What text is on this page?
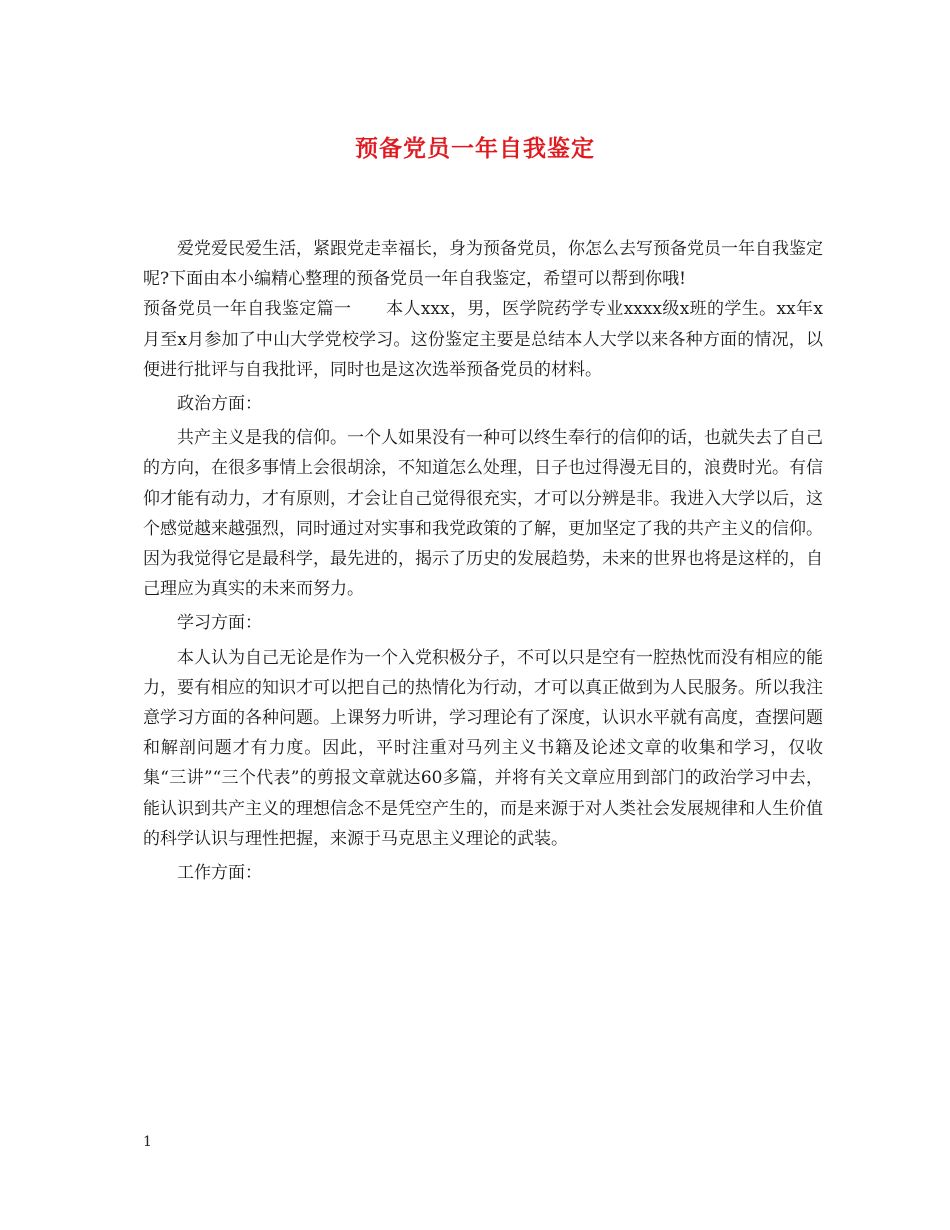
预备党员一年自我鉴定

爱党爱民爱生活，紧跟党走幸福长，身为预备党员，你怎么去写预备党员一年自我鉴定呢?下面由本小编精心整理的预备党员一年自我鉴定，希望可以帮到你哦!

预备党员一年自我鉴定篇一　　本人xxx，男，医学院药学专业xxxx级x班的学生。xx年x月至x月参加了中山大学党校学习。这份鉴定主要是总结本人大学以来各种方面的情况，以便进行批评与自我批评，同时也是这次选举预备党员的材料。

政治方面：

共产主义是我的信仰。一个人如果没有一种可以终生奉行的信仰的话，也就失去了自己的方向，在很多事情上会很胡涂，不知道怎么处理，日子也过得漫无目的，浪费时光。有信仰才能有动力，才有原则，才会让自己觉得很充实，才可以分辨是非。我进入大学以后，这个感觉越来越强烈，同时通过对实事和我党政策的了解，更加坚定了我的共产主义的信仰。因为我觉得它是最科学，最先进的，揭示了历史的发展趋势，未来的世界也将是这样的，自己理应为真实的未来而努力。

学习方面：

本人认为自己无论是作为一个入党积极分子，不可以只是空有一腔热忱而没有相应的能力，要有相应的知识才可以把自己的热情化为行动，才可以真正做到为人民服务。所以我注意学习方面的各种问题。上课努力听讲，学习理论有了深度，认识水平就有高度，查摆问题和解剖问题才有力度。因此，平时注重对马列主义书籍及论述文章的收集和学习，仅收集“三讲”“三个代表”的剪报文章就达60多篇，并将有关文章应用到部门的政治学习中去，能认识到共产主义的理想信念不是凭空产生的，而是来源于对人类社会发展规律和人生价值的科学认识与理性把握，来源于马克思主义理论的武装。

工作方面：

1
